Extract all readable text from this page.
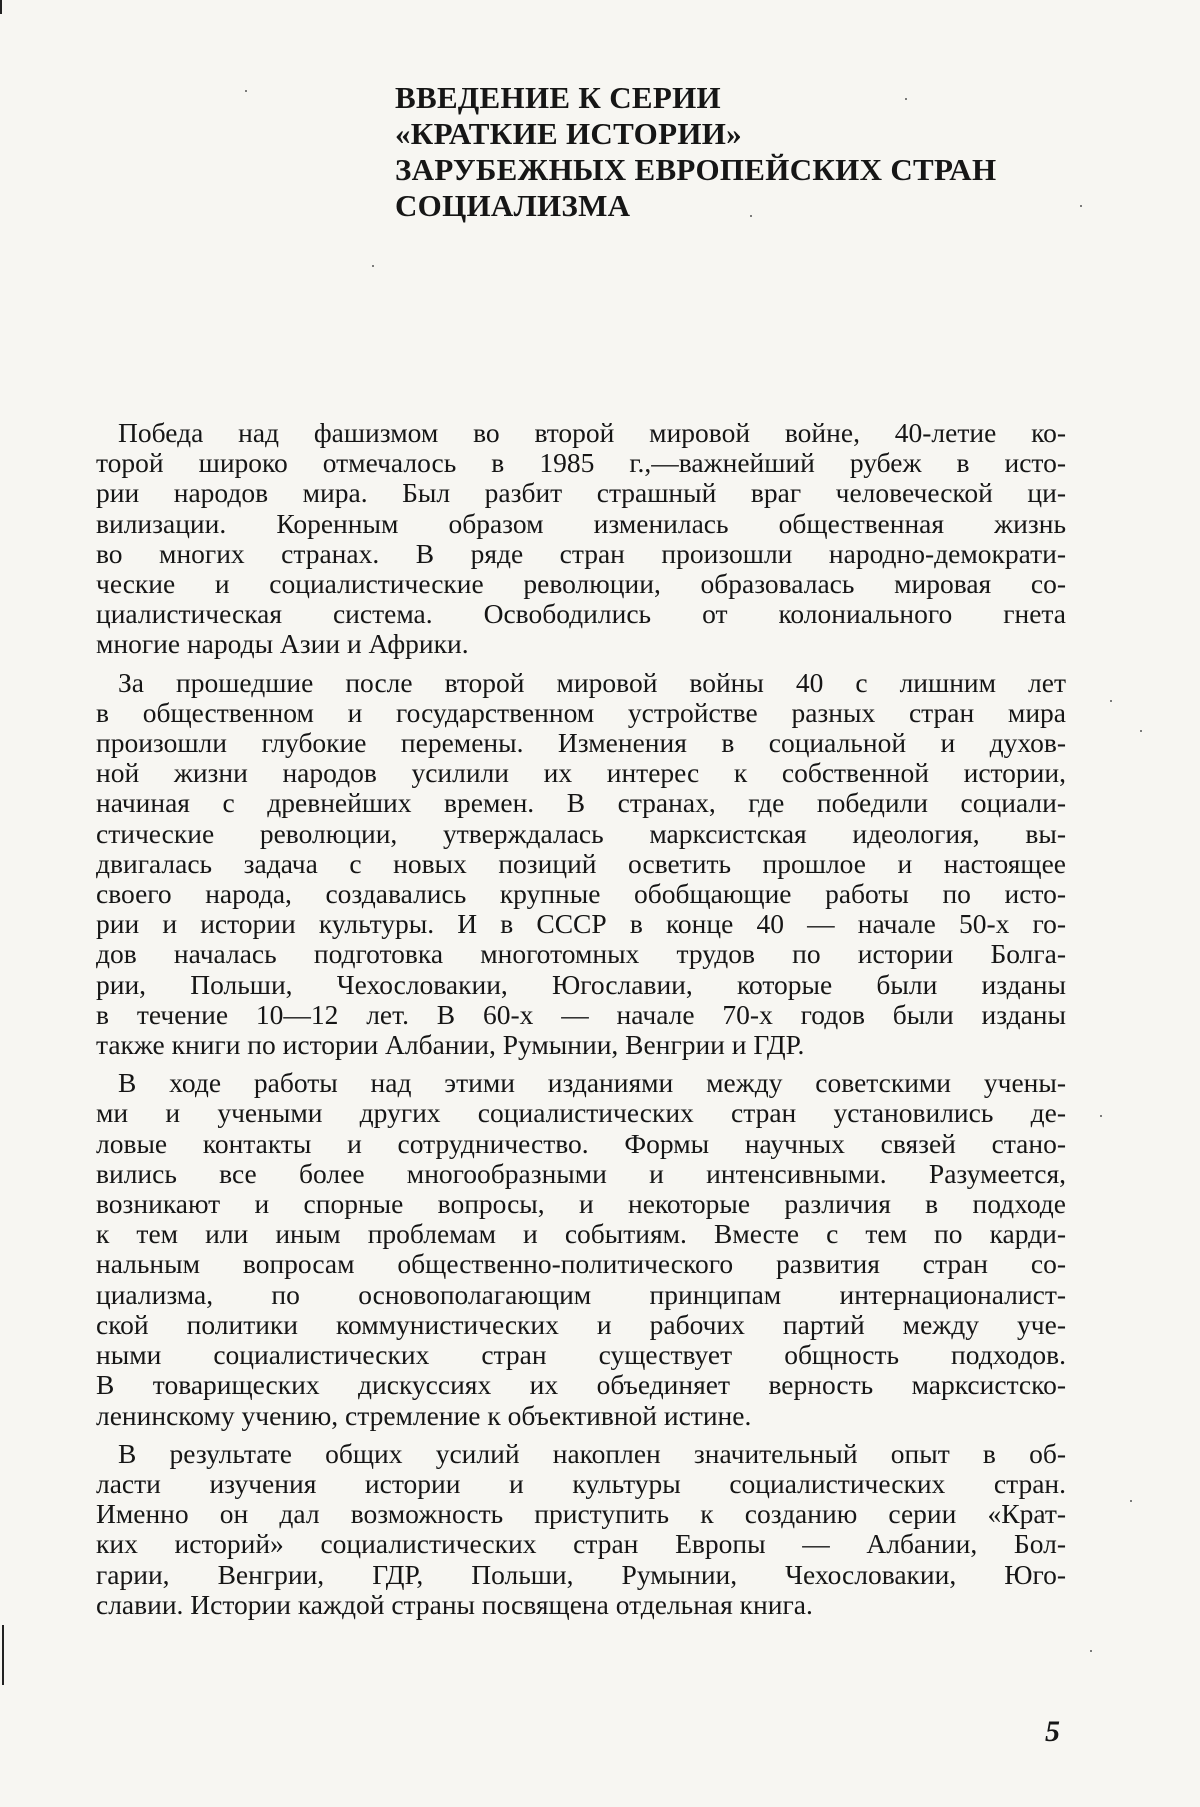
ВВЕДЕНИЕ К СЕРИИ
«КРАТКИЕ ИСТОРИИ»
ЗАРУБЕЖНЫХ ЕВРОПЕЙСКИХ СТРАН
СОЦИАЛИЗМА
Победа над фашизмом во второй мировой войне, 40-летие ко-
торой широко отмечалось в 1985 г.,—важнейший рубеж в исто-
рии народов мира. Был разбит страшный враг человеческой ци-
вилизации. Коренным образом изменилась общественная жизнь
во многих странах. В ряде стран произошли народно-демократи-
ческие и социалистические революции, образовалась мировая со-
циалистическая система. Освободились от колониального гнета
многие народы Азии и Африки.
За прошедшие после второй мировой войны 40 с лишним лет
в общественном и государственном устройстве разных стран мира
произошли глубокие перемены. Изменения в социальной и духов-
ной жизни народов усилили их интерес к собственной истории,
начиная с древнейших времен. В странах, где победили социали-
стические революции, утверждалась марксистская идеология, вы-
двигалась задача с новых позиций осветить прошлое и настоящее
своего народа, создавались крупные обобщающие работы по исто-
рии и истории культуры. И в СССР в конце 40 — начале 50-х го-
дов началась подготовка многотомных трудов по истории Болга-
рии, Польши, Чехословакии, Югославии, которые были изданы
в течение 10—12 лет. В 60-х — начале 70-х годов были изданы
также книги по истории Албании, Румынии, Венгрии и ГДР.
В ходе работы над этими изданиями между советскими учены-
ми и учеными других социалистических стран установились де-
ловые контакты и сотрудничество. Формы научных связей стано-
вились все более многообразными и интенсивными. Разумеется,
возникают и спорные вопросы, и некоторые различия в подходе
к тем или иным проблемам и событиям. Вместе с тем по карди-
нальным вопросам общественно-политического развития стран со-
циализма, по основополагающим принципам интернационалист-
ской политики коммунистических и рабочих партий между уче-
ными социалистических стран существует общность подходов.
В товарищеских дискуссиях их объединяет верность марксистско-
ленинскому учению, стремление к объективной истине.
В результате общих усилий накоплен значительный опыт в об-
ласти изучения истории и культуры социалистических стран.
Именно он дал возможность приступить к созданию серии «Крат-
ких историй» социалистических стран Европы — Албании, Бол-
гарии, Венгрии, ГДР, Польши, Румынии, Чехословакии, Юго-
славии. Истории каждой страны посвящена отдельная книга.
5
